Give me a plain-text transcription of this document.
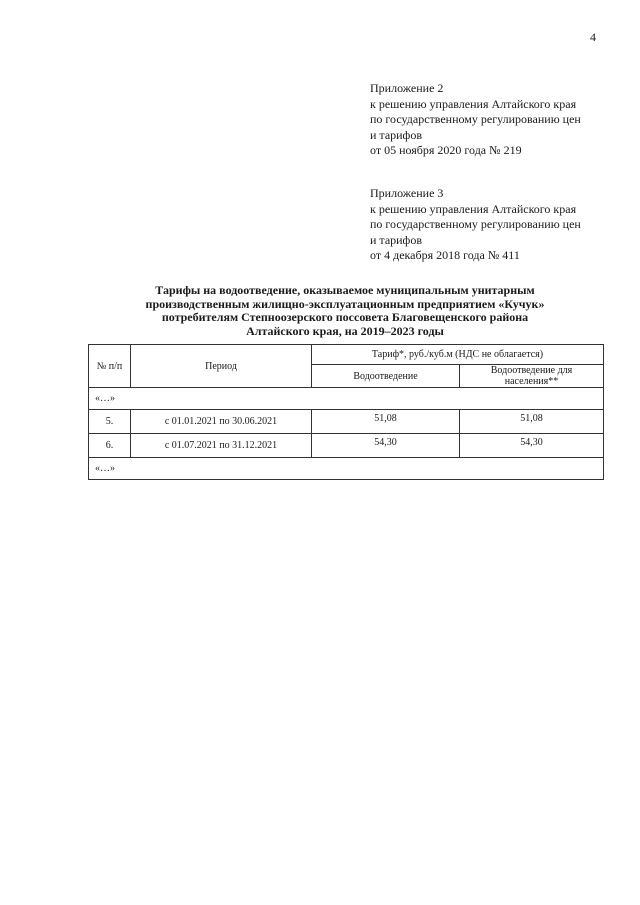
4
Приложение 2
к решению управления Алтайского края
по государственному регулированию цен
и тарифов
от 05 ноября 2020 года № 219
Приложение 3
к решению управления Алтайского края
по государственному регулированию цен
и тарифов
от 4 декабря 2018 года № 411
Тарифы на водоотведение, оказываемое муниципальным унитарным
производственным жилищно-эксплуатационным предприятием «Кучук»
потребителям Степноозерского поссовета Благовещенского района
Алтайского края, на 2019–2023 годы
№ п/п	Период	Тариф*, руб./куб.м (НДС не облагается)	
		Водоотведение	Водоотведение для населения**
«…»			
5.	с 01.01.2021 по 30.06.2021	51,08	51,08
6.	с 01.07.2021 по 31.12.2021	54,30	54,30
«…»			
